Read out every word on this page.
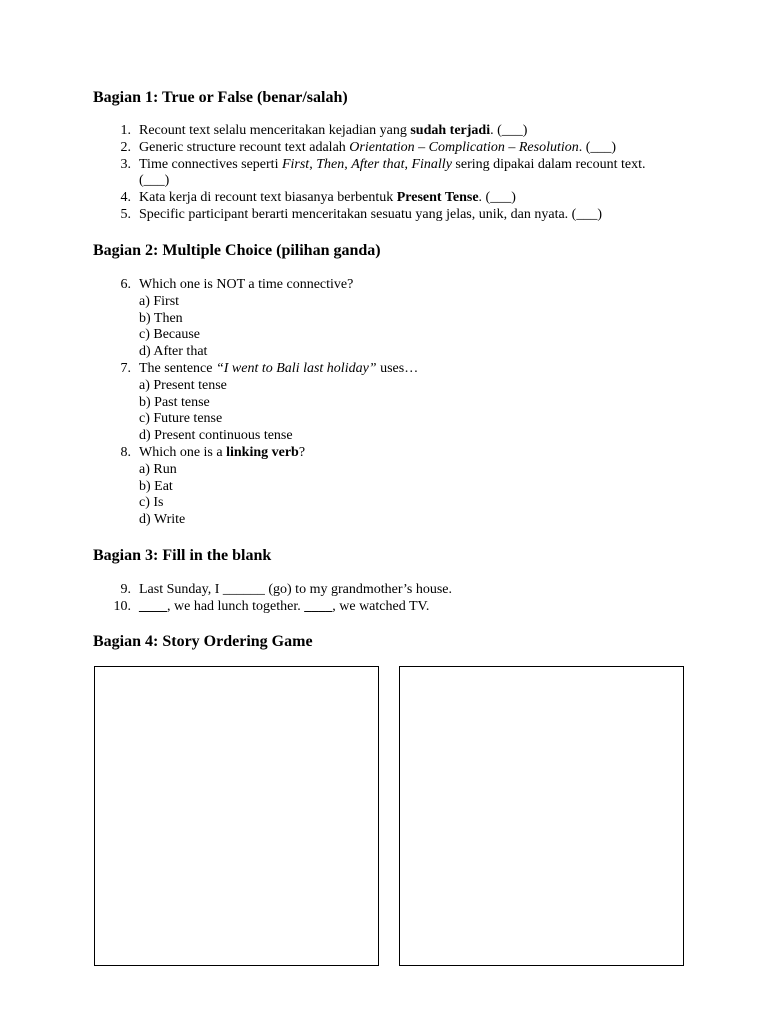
Bagian 1: True or False (benar/salah)
1. Recount text selalu menceritakan kejadian yang sudah terjadi. (___)
2. Generic structure recount text adalah Orientation – Complication – Resolution. (___)
3. Time connectives seperti First, Then, After that, Finally sering dipakai dalam recount text. (___)
4. Kata kerja di recount text biasanya berbentuk Present Tense. (___)
5. Specific participant berarti menceritakan sesuatu yang jelas, unik, dan nyata. (___)
Bagian 2: Multiple Choice (pilihan ganda)
6. Which one is NOT a time connective?
a) First
b) Then
c) Because
d) After that
7. The sentence “I went to Bali last holiday” uses…
a) Present tense
b) Past tense
c) Future tense
d) Present continuous tense
8. Which one is a linking verb?
a) Run
b) Eat
c) Is
d) Write
Bagian 3: Fill in the blank
9. Last Sunday, I ______ (go) to my grandmother’s house.
10. ____, we had lunch together. ____, we watched TV.
Bagian 4: Story Ordering Game
